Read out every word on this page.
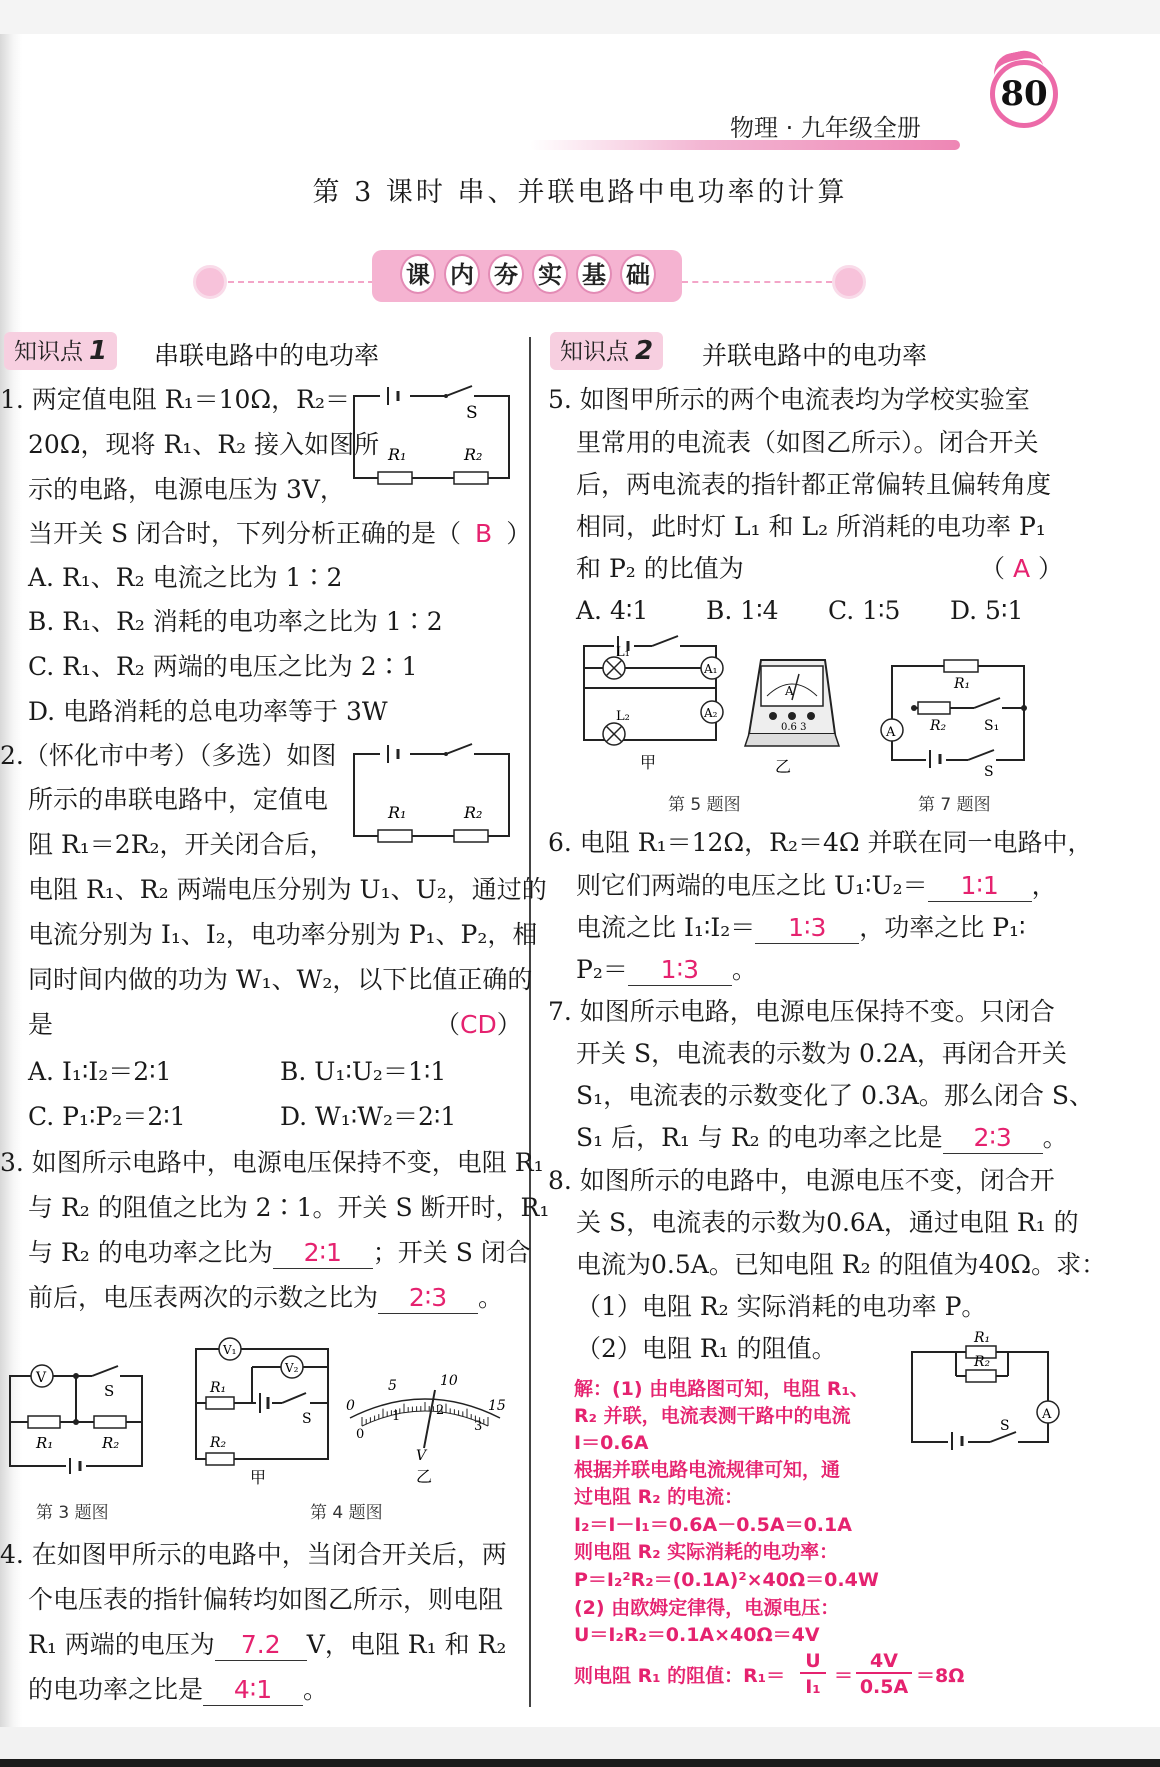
物理 · 九年级全册
80
第 3 课时 串、并联电路中电功率的计算
课 内 夯 实 基 础
知识点 1	串联电路中的电功率
1. 两定值电阻 R₁＝10Ω，R₂＝
20Ω，现将 R₁、R₂ 接入如图所
示的电路，电源电压为 3V，
当开关 S 闭合时，下列分析正确的是（ B ）
A. R₁、R₂ 电流之比为 1∶2
B. R₁、R₂ 消耗的电功率之比为 1∶2
C. R₁、R₂ 两端的电压之比为 2∶1
D. 电路消耗的总电功率等于 3W
S
R₁	R₂
2.（怀化市中考）（多选）如图
所示的串联电路中，定值电
阻 R₁＝2R₂，开关闭合后，
电阻 R₁、R₂ 两端电压分别为 U₁、U₂，通过的
电流分别为 I₁、I₂，电功率分别为 P₁、P₂，相
同时间内做的功为 W₁、W₂，以下比值正确的
是	（CD）
A. I₁∶I₂＝2∶1	B. U₁∶U₂＝1∶1
C. P₁∶P₂＝2∶1	D. W₁∶W₂＝2∶1
R₁	R₂
3. 如图所示电路中，电源电压保持不变，电阻 R₁
与 R₂ 的阻值之比为 2∶1。开关 S 断开时，R₁
与 R₂ 的电功率之比为 2∶1 ；开关 S 闭合
前后，电压表两次的示数之比为 2∶3 。
V
S
R₁	R₂
第 3 题图
V₁
V₂
R₁
S
R₂
甲
0
1	2
3
0
5	10
15
V
乙
第 4 题图
4. 在如图甲所示的电路中，当闭合开关后，两
个电压表的指针偏转均如图乙所示，则电阻
R₁ 两端的电压为 7.2 V，电阻 R₁ 和 R₂
的电功率之比是 4∶1 。
知识点 2	并联电路中的电功率
5. 如图甲所示的两个电流表均为学校实验室
里常用的电流表（如图乙所示）。闭合开关
后，两电流表的指针都正常偏转且偏转角度
相同，此时灯 L₁ 和 L₂ 所消耗的电功率 P₁
和 P₂ 的比值为	（ A ）
A. 4∶1 B. 1∶4 C. 1∶5 D. 5∶1
L₁
L₂
A₁
A₂
甲
A
0.6 3
乙
第 5 题图
R₁
R₂	S₁
A
S
第 7 题图
6. 电阻 R₁＝12Ω，R₂＝4Ω 并联在同一电路中，
则它们两端的电压之比 U₁∶U₂＝ 1∶1 ，
电流之比 I₁∶I₂＝ 1∶3 ，功率之比 P₁∶
P₂＝ 1∶3 。
7. 如图所示电路，电源电压保持不变。只闭合
开关 S，电流表的示数为 0.2A，再闭合开关
S₁，电流表的示数变化了 0.3A。那么闭合 S、
S₁ 后，R₁ 与 R₂ 的电功率之比是 2∶3 。
8. 如图所示的电路中，电源电压不变，闭合开
关 S，电流表的示数为0.6A，通过电阻 R₁ 的
电流为0.5A。已知电阻 R₂ 的阻值为40Ω。求：
（1）电阻 R₂ 实际消耗的电功率 P。
（2）电阻 R₁ 的阻值。	R₁
R₂
A
S
解：(1) 由电路图可知，电阻 R₁、
R₂ 并联，电流表测干路中的电流
I＝0.6A
根据并联电路电流规律可知，通
过电阻 R₂ 的电流：
I₂＝I－I₁＝0.6A－0.5A＝0.1A
则电阻 R₂ 实际消耗的电功率：
P＝I₂²R₂＝(0.1A)²×40Ω＝0.4W
(2) 由欧姆定律得，电源电压：
U＝I₂R₂＝0.1A×40Ω＝4V
则电阻 R₁ 的阻值：R₁＝
U
I₁ ＝
4V
0.5A ＝8Ω
